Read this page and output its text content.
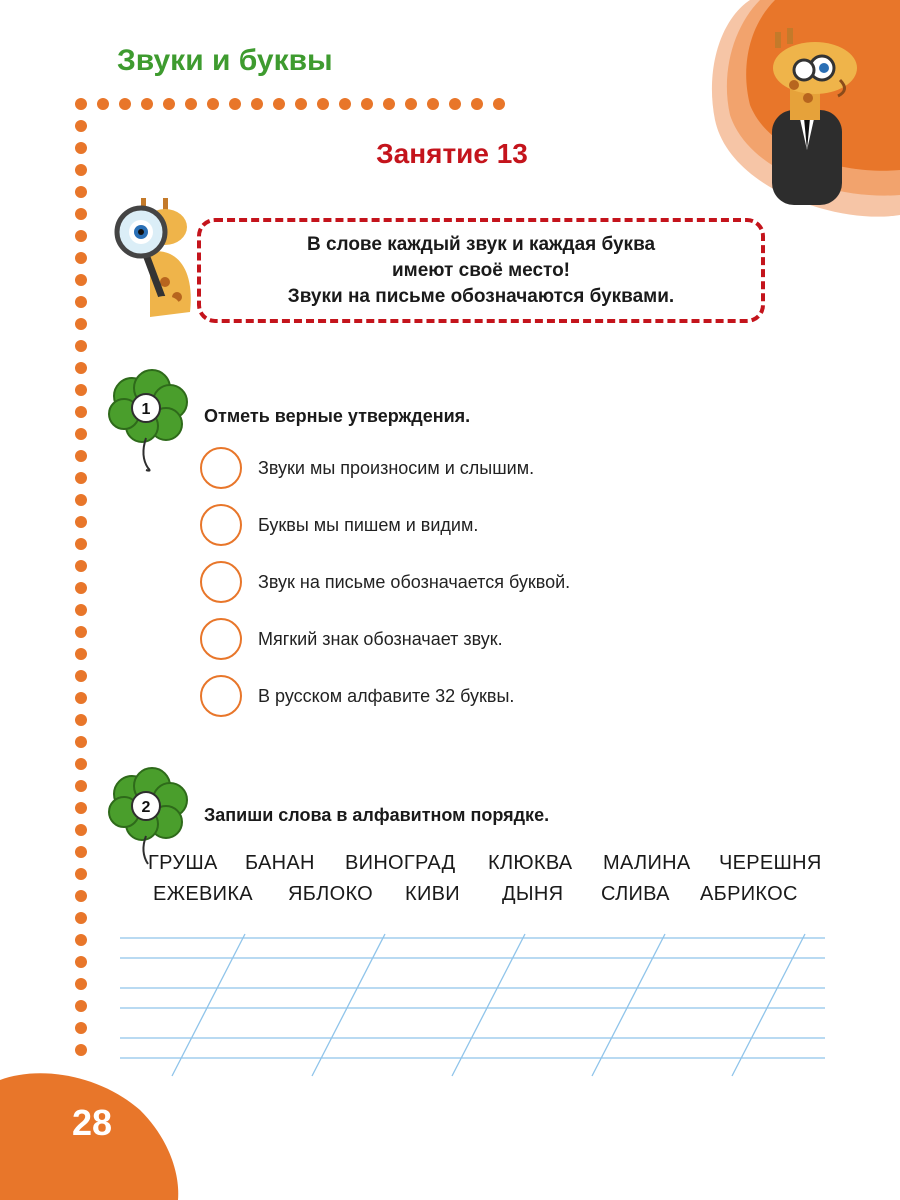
Звуки и буквы
Занятие 13
В слове каждый звук и каждая буква
имеют своё место!
Звуки на письме обозначаются буквами.
1	Отметь верные утверждения.
Звуки мы произносим и слышим.
Буквы мы пишем и видим.
Звук на письме обозначается буквой.
Мягкий знак обозначает звук.
В русском алфавите 32 буквы.
2	Запиши слова в алфавитном порядке.
ГРУША БАНАН ВИНОГРАД КЛЮКВА МАЛИНА ЧЕРЕШНЯ
ЕЖЕВИКА ЯБЛОКО КИВИ ДЫНЯ СЛИВА АБРИКОС
28
